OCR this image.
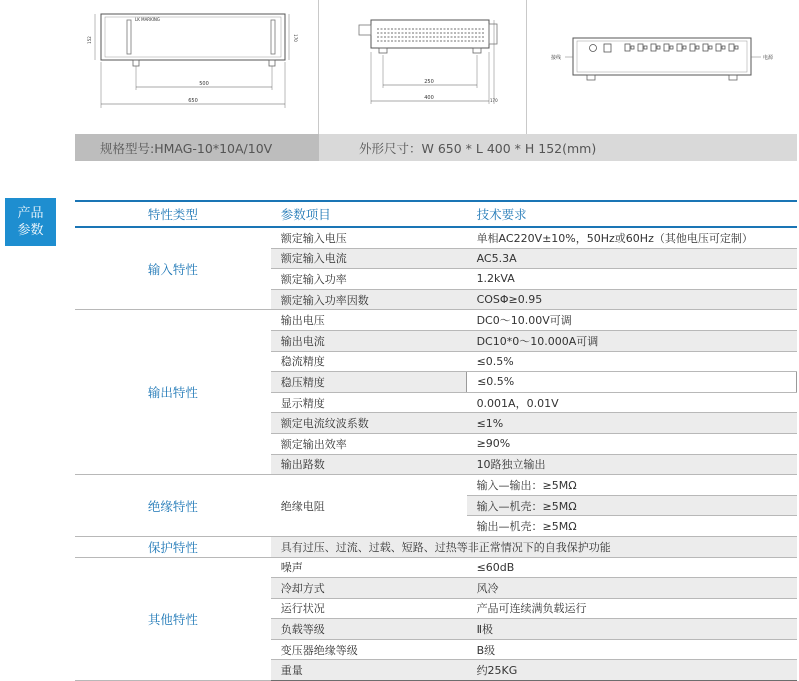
LK MARKING
500
650
152	170
250
400	170
接线	电源
规格型号:HMAG-10*10A/10V	外形尺寸：W 650 * L 400 * H 152(mm)
产品
参数
特性类型	参数项目	技术要求
输入特性	额定输入电压	单相AC220V±10%，50Hz或60Hz（其他电压可定制）
	额定输入电流	AC5.3A
	额定输入功率	1.2kVA
	额定输入功率因数	COSΦ≥0.95
输出特性	输出电压	DC0～10.00V可调
	输出电流	DC10*0～10.000A可调
	稳流精度	≤0.5%
	稳压精度	≤0.5%
	显示精度	0.001A，0.01V
	额定电流纹波系数	≤1%
	额定输出效率	≥90%
	输出路数	10路独立输出
绝缘特性	绝缘电阻	输入—输出：≥5MΩ
		输入—机壳：≥5MΩ
		输出—机壳：≥5MΩ
保护特性	具有过压、过流、过载、短路、过热等非正常情况下的自我保护功能	
其他特性	噪声	≤60dB
	冷却方式	风冷
	运行状况	产品可连续满负载运行
	负载等级	Ⅱ极
	变压器绝缘等级	B级
	重量	约25KG
